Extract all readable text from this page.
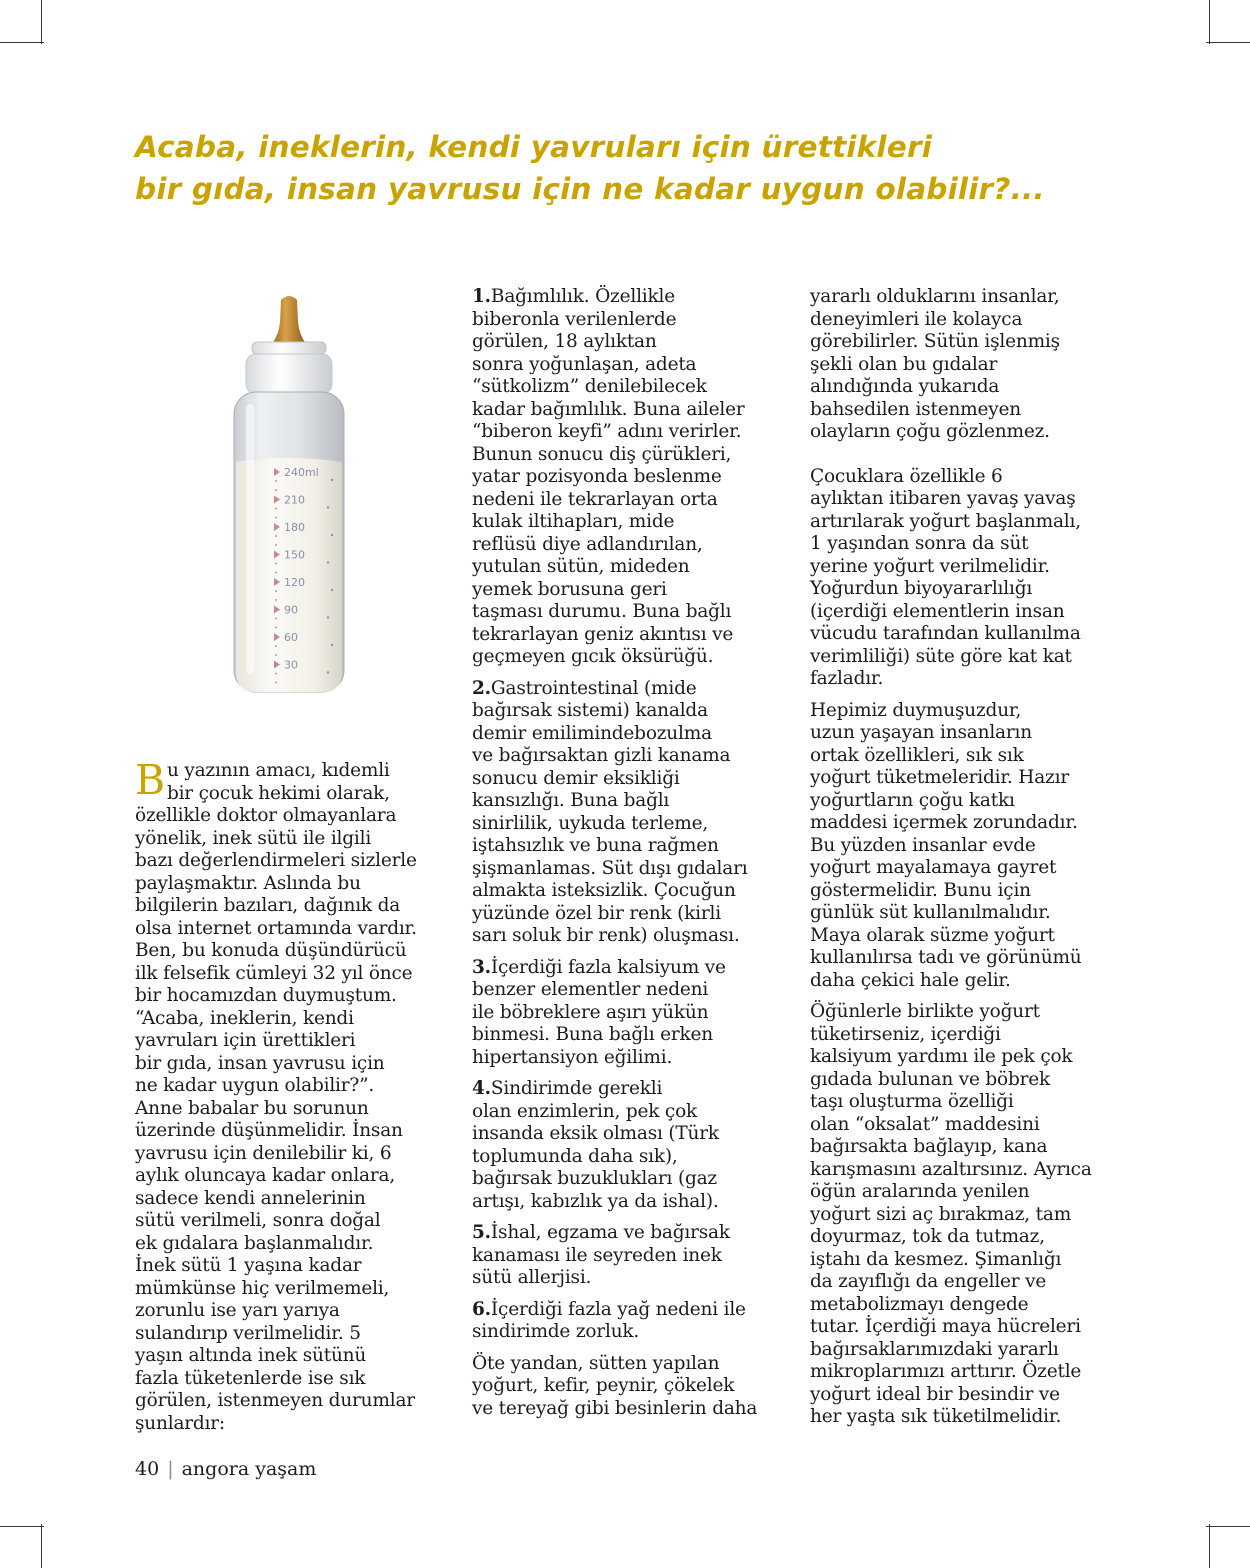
Acaba, ineklerin, kendi yavruları için ürettikleri
bir gıda, insan yavrusu için ne kadar uygun olabilir?...
240ml
210
180
150
120
90
60
30

B u yazının amacı, kıdemli
bir çocuk hekimi olarak,

özellikle doktor olmayanlara
yönelik, inek sütü ile ilgili
bazı değerlendirmeleri sizlerle
paylaşmaktır. Aslında bu
bilgilerin bazıları, dağınık da
olsa internet ortamında vardır.
Ben, bu konuda düşündürücü
ilk felsefik cümleyi 32 yıl önce
bir hocamızdan duymuştum.
“Acaba, ineklerin, kendi
yavruları için ürettikleri
bir gıda, insan yavrusu için
ne kadar uygun olabilir?”.
Anne babalar bu sorunun
üzerinde düşünmelidir. İnsan
yavrusu için denilebilir ki, 6
aylık oluncaya kadar onlara,
sadece kendi annelerinin
sütü verilmeli, sonra doğal
ek gıdalara başlanmalıdır.
İnek sütü 1 yaşına kadar
mümkünse hiç verilmemeli,
zorunlu ise yarı yarıya
sulandırıp verilmelidir. 5
yaşın altında inek sütünü
fazla tüketenlerde ise sık
görülen, istenmeyen durumlar
şunlardır:

1.Bağımlılık. Özellikle
biberonla verilenlerde
görülen, 18 aylıktan
sonra yoğunlaşan, adeta
“sütkolizm” denilebilecek
kadar bağımlılık. Buna aileler
“biberon keyfi” adını verirler.
Bunun sonucu diş çürükleri,
yatar pozisyonda beslenme
nedeni ile tekrarlayan orta
kulak iltihapları, mide
reflüsü diye adlandırılan,
yutulan sütün, mideden
yemek borusuna geri
taşması durumu. Buna bağlı
tekrarlayan geniz akıntısı ve
geçmeyen gıcık öksürüğü.

2.Gastrointestinal (mide
bağırsak sistemi) kanalda
demir emilimindebozulma
ve bağırsaktan gizli kanama
sonucu demir eksikliği
kansızlığı. Buna bağlı
sinirlilik, uykuda terleme,
iştahsızlık ve buna rağmen
şişmanlamas. Süt dışı gıdaları
almakta isteksizlik. Çocuğun
yüzünde özel bir renk (kirli
sarı soluk bir renk) oluşması.

3.İçerdiği fazla kalsiyum ve
benzer elementler nedeni
ile böbreklere aşırı yükün
binmesi. Buna bağlı erken
hipertansiyon eğilimi.

4.Sindirimde gerekli
olan enzimlerin, pek çok
insanda eksik olması (Türk
toplumunda daha sık),
bağırsak buzuklukları (gaz
artışı, kabızlık ya da ishal).

5.İshal, egzama ve bağırsak
kanaması ile seyreden inek
sütü allerjisi.

6.İçerdiği fazla yağ nedeni ile
sindirimde zorluk.

Öte yandan, sütten yapılan
yoğurt, kefir, peynir, çökelek
ve tereyağ gibi besinlerin daha

yararlı olduklarını insanlar,
deneyimleri ile kolayca
görebilirler. Sütün işlenmiş
şekli olan bu gıdalar
alındığında yukarıda
bahsedilen istenmeyen
olayların çoğu gözlenmez.

Çocuklara özellikle 6
aylıktan itibaren yavaş yavaş
artırılarak yoğurt başlanmalı,
1 yaşından sonra da süt
yerine yoğurt verilmelidir.
Yoğurdun biyoyararlılığı
(içerdiği elementlerin insan
vücudu tarafından kullanılma
verimliliği) süte göre kat kat
fazladır.

Hepimiz duymuşuzdur,
uzun yaşayan insanların
ortak özellikleri, sık sık
yoğurt tüketmeleridir. Hazır
yoğurtların çoğu katkı
maddesi içermek zorundadır.
Bu yüzden insanlar evde
yoğurt mayalamaya gayret
göstermelidir. Bunu için
günlük süt kullanılmalıdır.
Maya olarak süzme yoğurt
kullanılırsa tadı ve görünümü
daha çekici hale gelir.

Öğünlerle birlikte yoğurt
tüketirseniz, içerdiği
kalsiyum yardımı ile pek çok
gıdada bulunan ve böbrek
taşı oluşturma özelliği
olan “oksalat” maddesini
bağırsakta bağlayıp, kana
karışmasını azaltırsınız. Ayrıca
öğün aralarında yenilen
yoğurt sizi aç bırakmaz, tam
doyurmaz, tok da tutmaz,
iştahı da kesmez. Şimanlığı
da zayıflığı da engeller ve
metabolizmayı dengede
tutar. İçerdiği maya hücreleri
bağırsaklarımızdaki yararlı
mikroplarımızı arttırır. Özetle
yoğurt ideal bir besindir ve
her yaşta sık tüketilmelidir.

40 | angora yaşam
